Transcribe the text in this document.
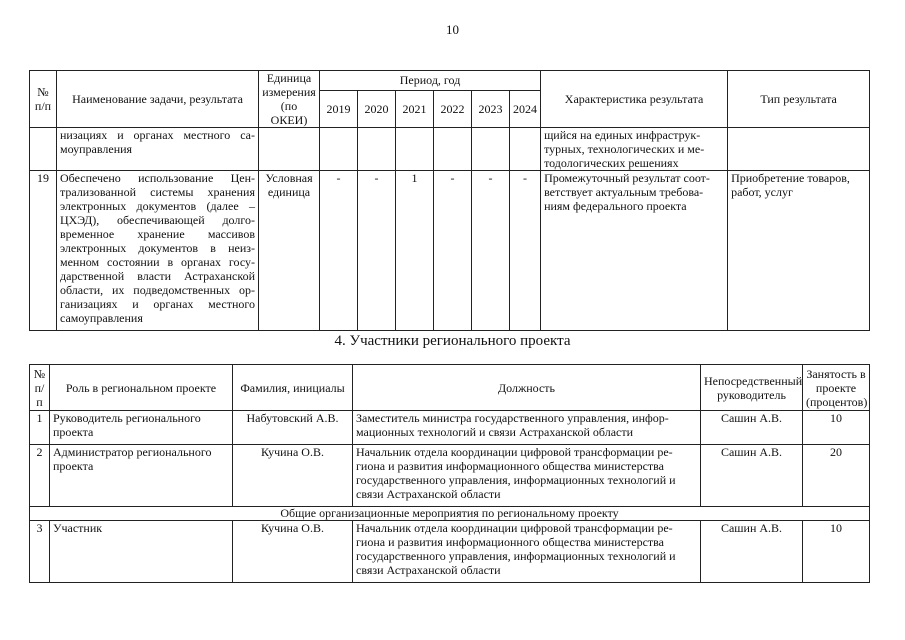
10
№ п/п	Наименование задачи, результата	Единица измерения (по ОКЕИ)	Период, год						Характеристика результата	Тип результата
			2019	2020	2021	2022	2023	2024		
	низациях и органах местного са-моуправления								щийся на единых инфраструк-турных, технологических и ме-тодологических решениях	
19	Обеспечено использование Цен-трализованной системы хранения электронных документов (далее – ЦХЭД), обеспечивающей долго-временное хранение массивов электронных документов в неиз-менном состоянии в органах госу-дарственной власти Астраханской области, их подведомственных ор-ганизациях и органах местного самоуправления	Условная единица	-	-	1	-	-	-	Промежуточный результат соот-ветствует актуальным требова-ниям федерального проекта	Приобретение товаров, работ, услуг
4. Участники регионального проекта
№ п/п	Роль в региональном проекте	Фамилия, инициалы	Должность	Непосредственный руководитель	Занятость в проекте (процентов)
1	Руководитель регионального проекта	Набутовский А.В.	Заместитель министра государственного управления, инфор-мационных технологий и связи Астраханской области	Сашин А.В.	10
2	Администратор регионального проекта	Кучина О.В.	Начальник отдела координации цифровой трансформации ре-гиона и развития информационного общества министерства государственного управления, информационных технологий и связи Астраханской области	Сашин А.В.	20
Общие организационные мероприятия по региональному проекту					
3	Участник	Кучина О.В.	Начальник отдела координации цифровой трансформации ре-гиона и развития информационного общества министерства государственного управления, информационных технологий и связи Астраханской области	Сашин А.В.	10
